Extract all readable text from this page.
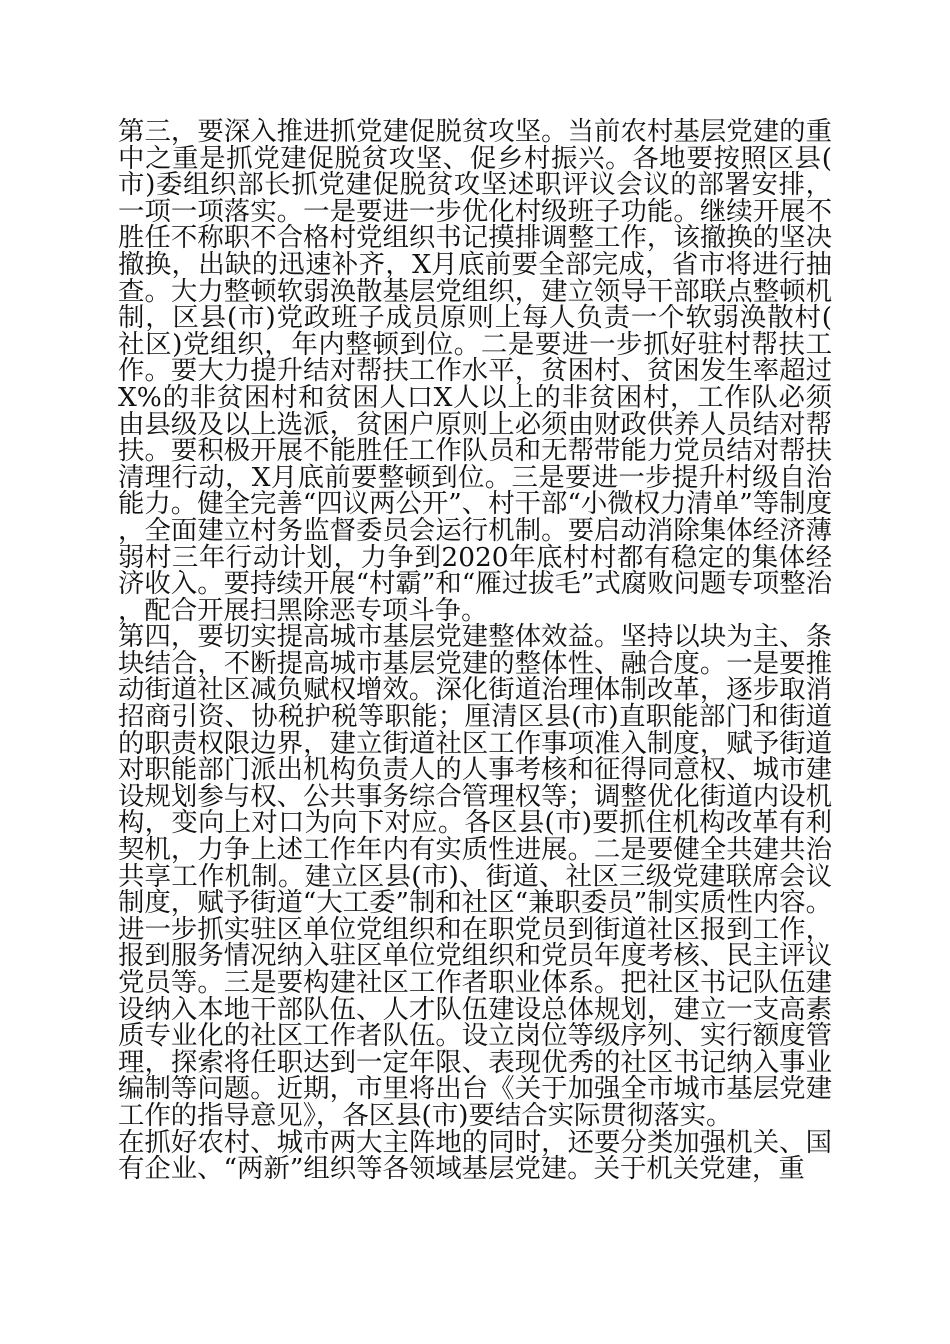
第三，要深入推进抓党建促脱贫攻坚。当前农村基层党建的重中之重是抓党建促脱贫攻坚、促乡村振兴。各地要按照区县(市)委组织部长抓党建促脱贫攻坚述职评议会议的部署安排，一项一项落实。一是要进一步优化村级班子功能。继续开展不胜任不称职不合格村党组织书记摸排调整工作，该撤换的坚决撤换，出缺的迅速补齐，X月底前要全部完成，省市将进行抽查。大力整顿软弱涣散基层党组织，建立领导干部联点整顿机制，区县(市)党政班子成员原则上每人负责一个软弱涣散村(社区)党组织，年内整顿到位。二是要进一步抓好驻村帮扶工作。要大力提升结对帮扶工作水平，贫困村、贫困发生率超过X%的非贫困村和贫困人口X人以上的非贫困村，工作队必须由县级及以上选派，贫困户原则上必须由财政供养人员结对帮扶。要积极开展不能胜任工作队员和无帮带能力党员结对帮扶清理行动，X月底前要整顿到位。三是要进一步提升村级自治能力。健全完善“四议两公开”、村干部“小微权力清单”等制度，全面建立村务监督委员会运行机制。要启动消除集体经济薄弱村三年行动计划，力争到2020年底村村都有稳定的集体经济收入。要持续开展“村霸”和“雁过拔毛”式腐败问题专项整治，配合开展扫黑除恶专项斗争。

第四，要切实提高城市基层党建整体效益。坚持以块为主、条块结合，不断提高城市基层党建的整体性、融合度。一是要推动街道社区减负赋权增效。深化街道治理体制改革，逐步取消招商引资、协税护税等职能；厘清区县(市)直职能部门和街道的职责权限边界，建立街道社区工作事项准入制度，赋予街道对职能部门派出机构负责人的人事考核和征得同意权、城市建设规划参与权、公共事务综合管理权等；调整优化街道内设机构，变向上对口为向下对应。各区县(市)要抓住机构改革有利契机，力争上述工作年内有实质性进展。二是要健全共建共治共享工作机制。建立区县(市)、街道、社区三级党建联席会议制度，赋予街道“大工委”制和社区“兼职委员”制实质性内容。进一步抓实驻区单位党组织和在职党员到街道社区报到工作，报到服务情况纳入驻区单位党组织和党员年度考核、民主评议党员等。三是要构建社区工作者职业体系。把社区书记队伍建设纳入本地干部队伍、人才队伍建设总体规划，建立一支高素质专业化的社区工作者队伍。设立岗位等级序列、实行额度管理，探索将任职达到一定年限、表现优秀的社区书记纳入事业编制等问题。近期，市里将出台《关于加强全市城市基层党建工作的指导意见》，各区县(市)要结合实际贯彻落实。

在抓好农村、城市两大主阵地的同时，还要分类加强机关、国有企业、“两新”组织等各领域基层党建。关于机关党建，重
